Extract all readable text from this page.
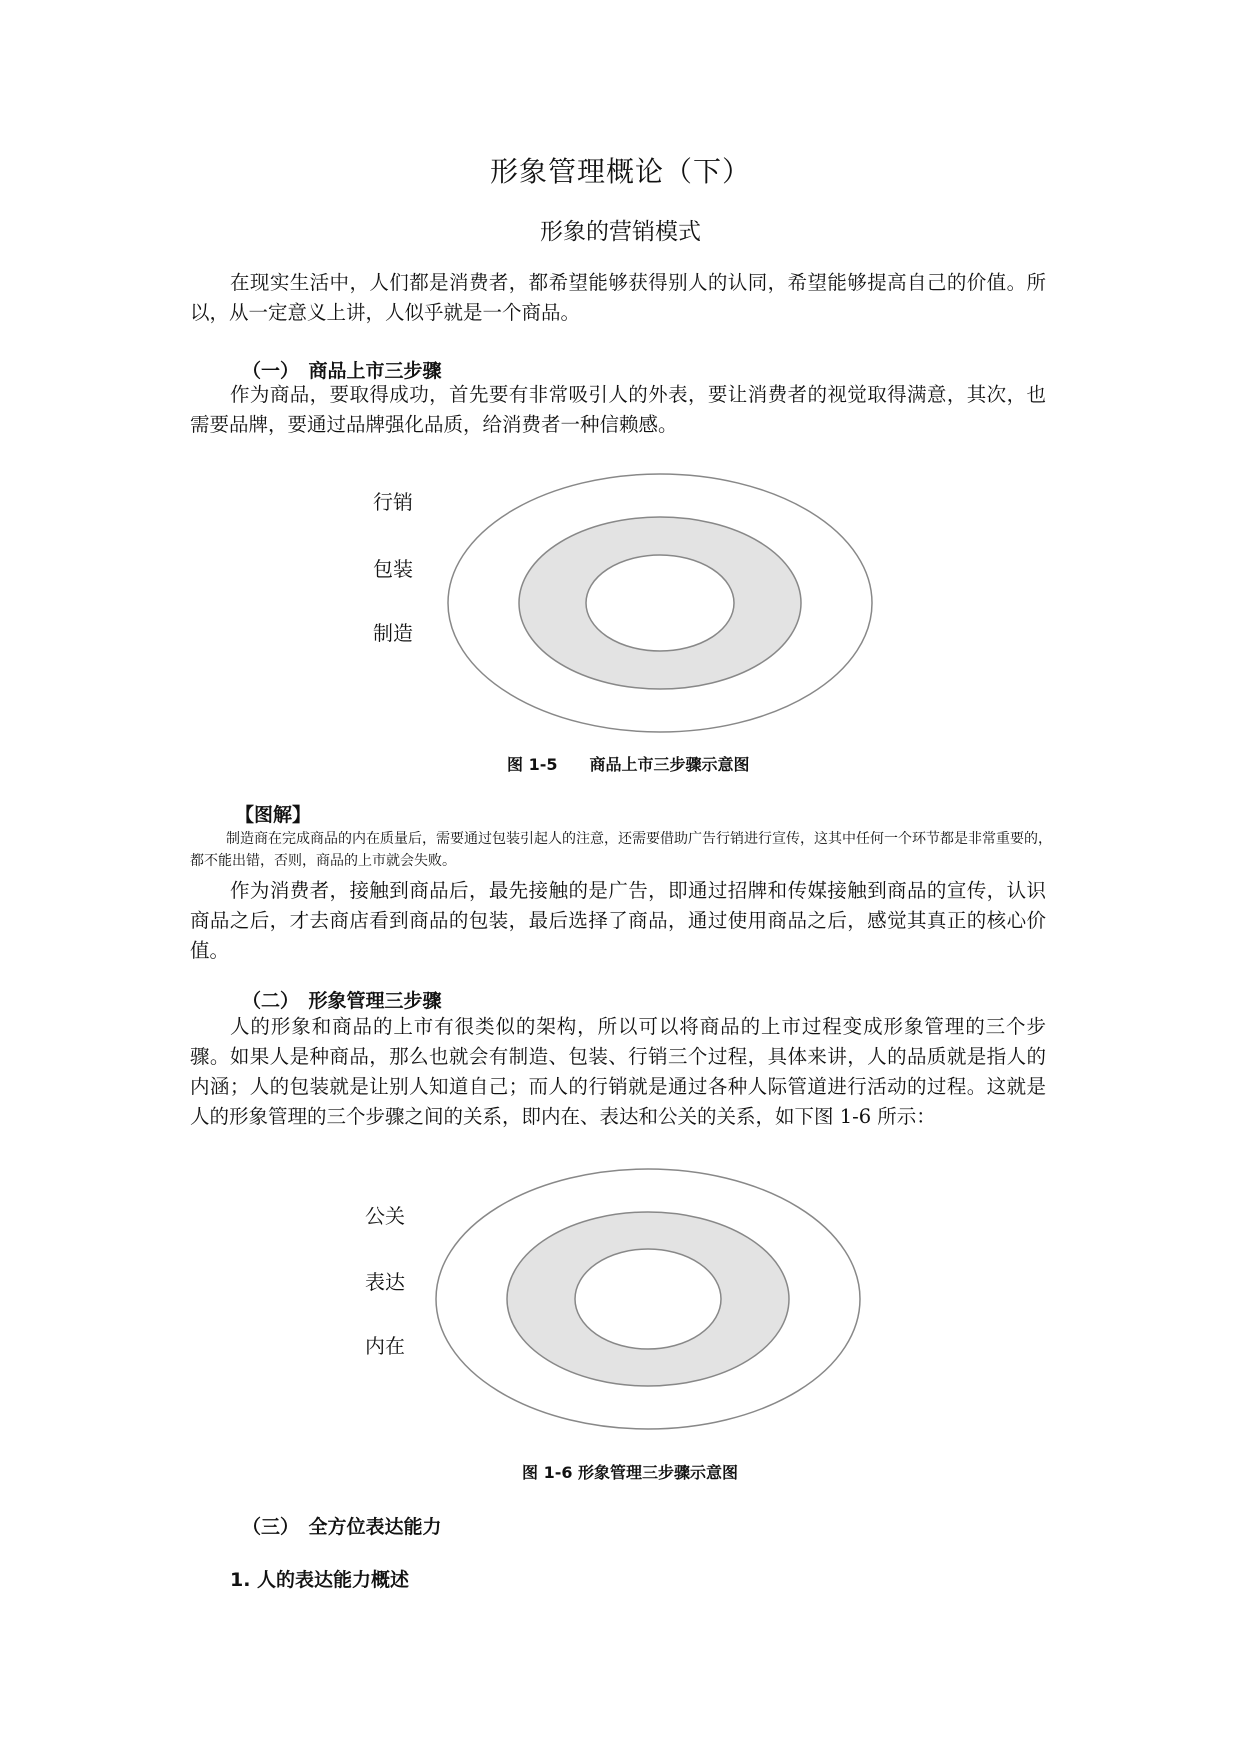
形象管理概论（下）
形象的营销模式

在现实生活中，人们都是消费者，都希望能够获得别人的认同，希望能够提高自己的价值。所以，从一定意义上讲，人似乎就是一个商品。

（一）　商品上市三步骤

作为商品，要取得成功，首先要有非常吸引人的外表，要让消费者的视觉取得满意，其次，也需要品牌，要通过品牌强化品质，给消费者一种信赖感。

行销
包装
制造
图 1-5　　商品上市三步骤示意图
【图解】

制造商在完成商品的内在质量后，需要通过包装引起人的注意，还需要借助广告行销进行宣传，这其中任何一个环节都是非常重要的，都不能出错，否则，商品的上市就会失败。

作为消费者，接触到商品后，最先接触的是广告，即通过招牌和传媒接触到商品的宣传，认识商品之后，才去商店看到商品的包装，最后选择了商品，通过使用商品之后，感觉其真正的核心价值。

（二）　形象管理三步骤

人的形象和商品的上市有很类似的架构，所以可以将商品的上市过程变成形象管理的三个步骤。如果人是种商品，那么也就会有制造、包装、行销三个过程，具体来讲，人的品质就是指人的内涵；人的包装就是让别人知道自己；而人的行销就是通过各种人际管道进行活动的过程。这就是人的形象管理的三个步骤之间的关系，即内在、表达和公关的关系，如下图 1-6 所示：

公关
表达
内在
图 1-6 形象管理三步骤示意图
（三）　全方位表达能力
1. 人的表达能力概述
